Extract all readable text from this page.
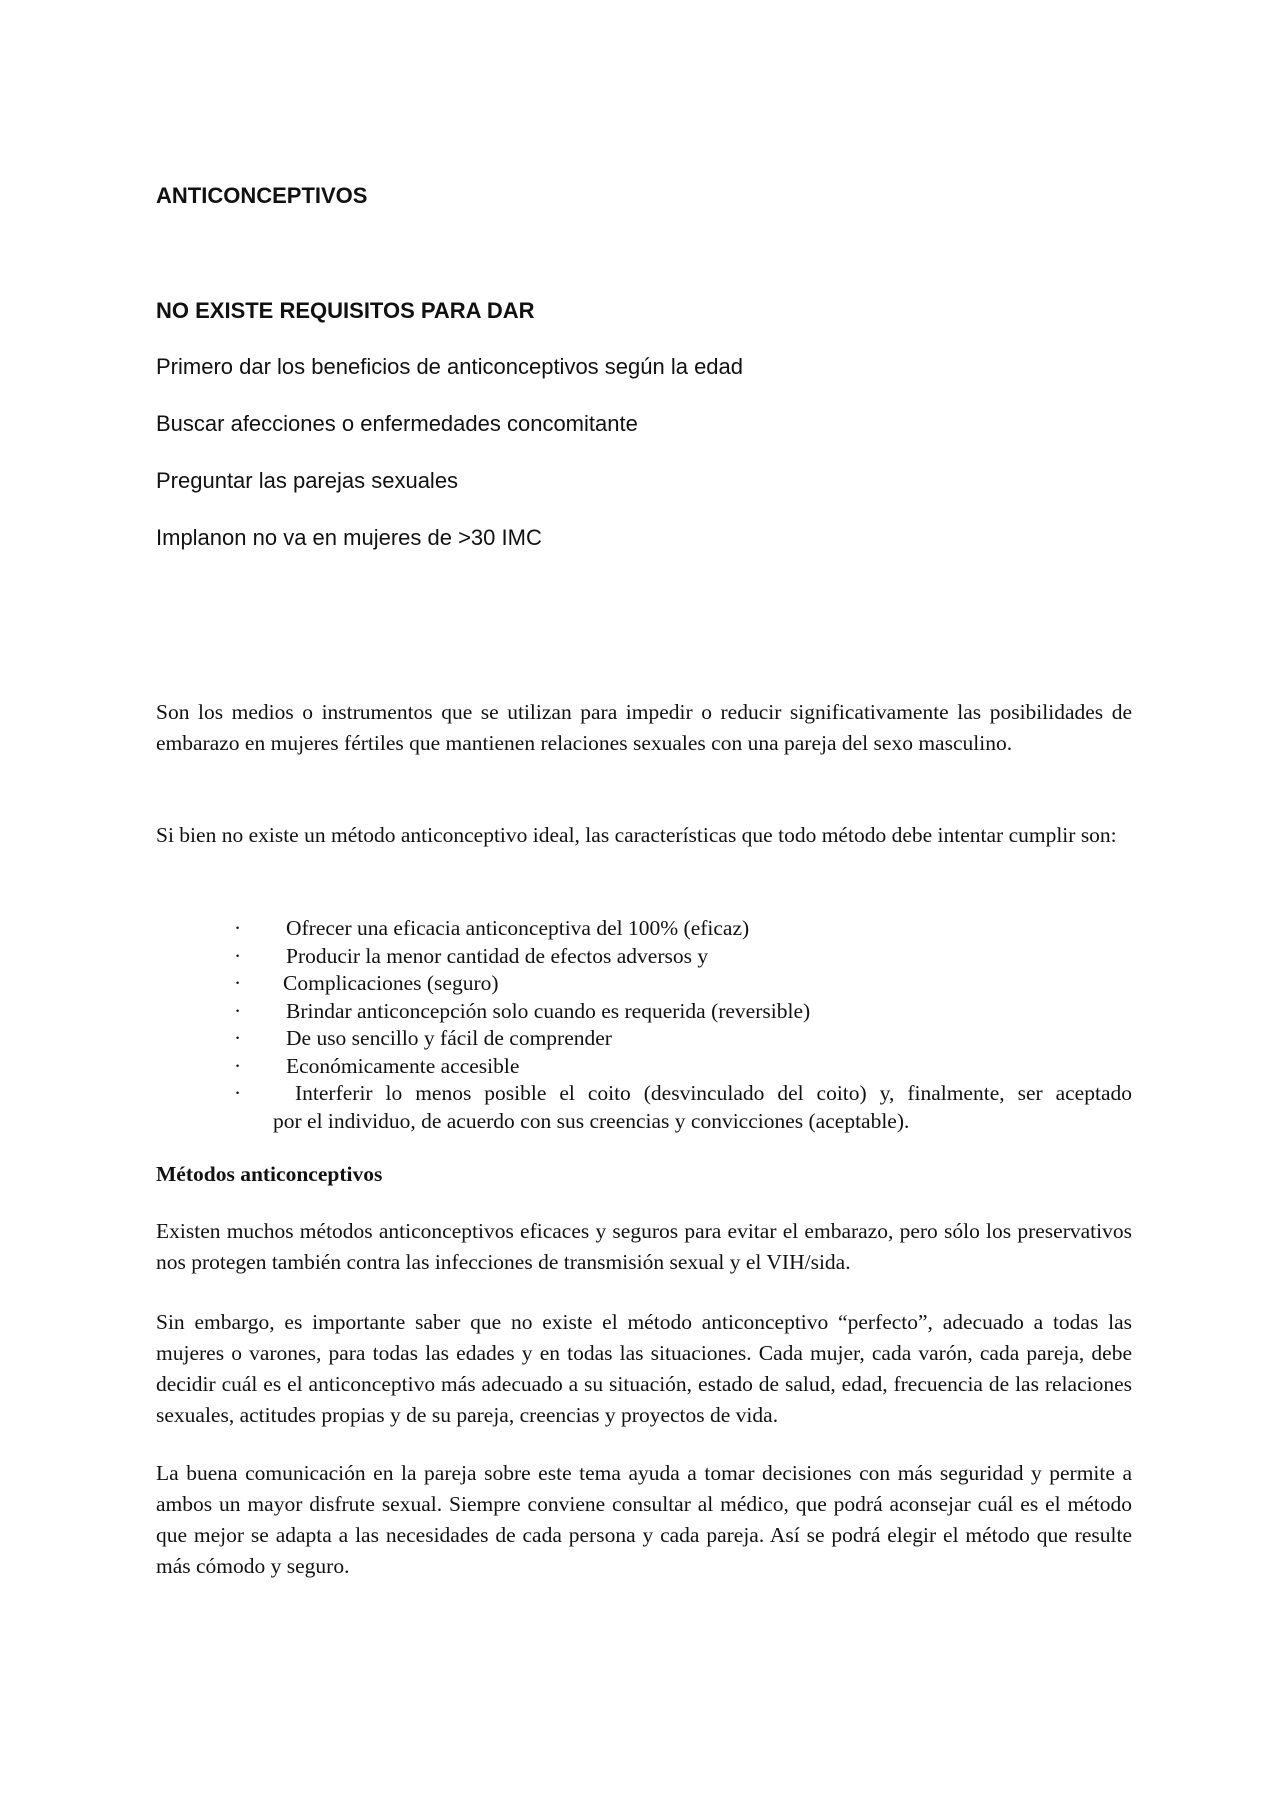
ANTICONCEPTIVOS
NO EXISTE REQUISITOS PARA DAR

Primero dar los beneficios de anticonceptivos según la edad

Buscar afecciones o enfermedades concomitante

Preguntar las parejas sexuales

Implanon no va en mujeres de >30 IMC

Son los medios o instrumentos que se utilizan para impedir o reducir significativamente las posibilidades de embarazo en mujeres fértiles que mantienen relaciones sexuales con una pareja del sexo masculino.

Si bien no existe un método anticonceptivo ideal, las características que todo método debe intentar cumplir son:

· Ofrecer una eficacia anticonceptiva del 100% (eficaz)
· Producir la menor cantidad de efectos adversos y
· Complicaciones (seguro)
· Brindar anticoncepción solo cuando es requerida (reversible)
· De uso sencillo y fácil de comprender
· Económicamente accesible
·	Interferir lo menos posible el coito (desvinculado del coito) y, finalmente, ser aceptado
por el individuo, de acuerdo con sus creencias y convicciones (aceptable).
Métodos anticonceptivos

Existen muchos métodos anticonceptivos eficaces y seguros para evitar el embarazo, pero sólo los preservativos nos protegen también contra las infecciones de transmisión sexual y el VIH/sida.

Sin embargo, es importante saber que no existe el método anticonceptivo “perfecto”, adecuado a todas las mujeres o varones, para todas las edades y en todas las situaciones. Cada mujer, cada varón, cada pareja, debe decidir cuál es el anticonceptivo más adecuado a su situación, estado de salud, edad, frecuencia de las relaciones sexuales, actitudes propias y de su pareja, creencias y proyectos de vida.

La buena comunicación en la pareja sobre este tema ayuda a tomar decisiones con más seguridad y permite a ambos un mayor disfrute sexual. Siempre conviene consultar al médico, que podrá aconsejar cuál es el método que mejor se adapta a las necesidades de cada persona y cada pareja. Así se podrá elegir el método que resulte más cómodo y seguro.
